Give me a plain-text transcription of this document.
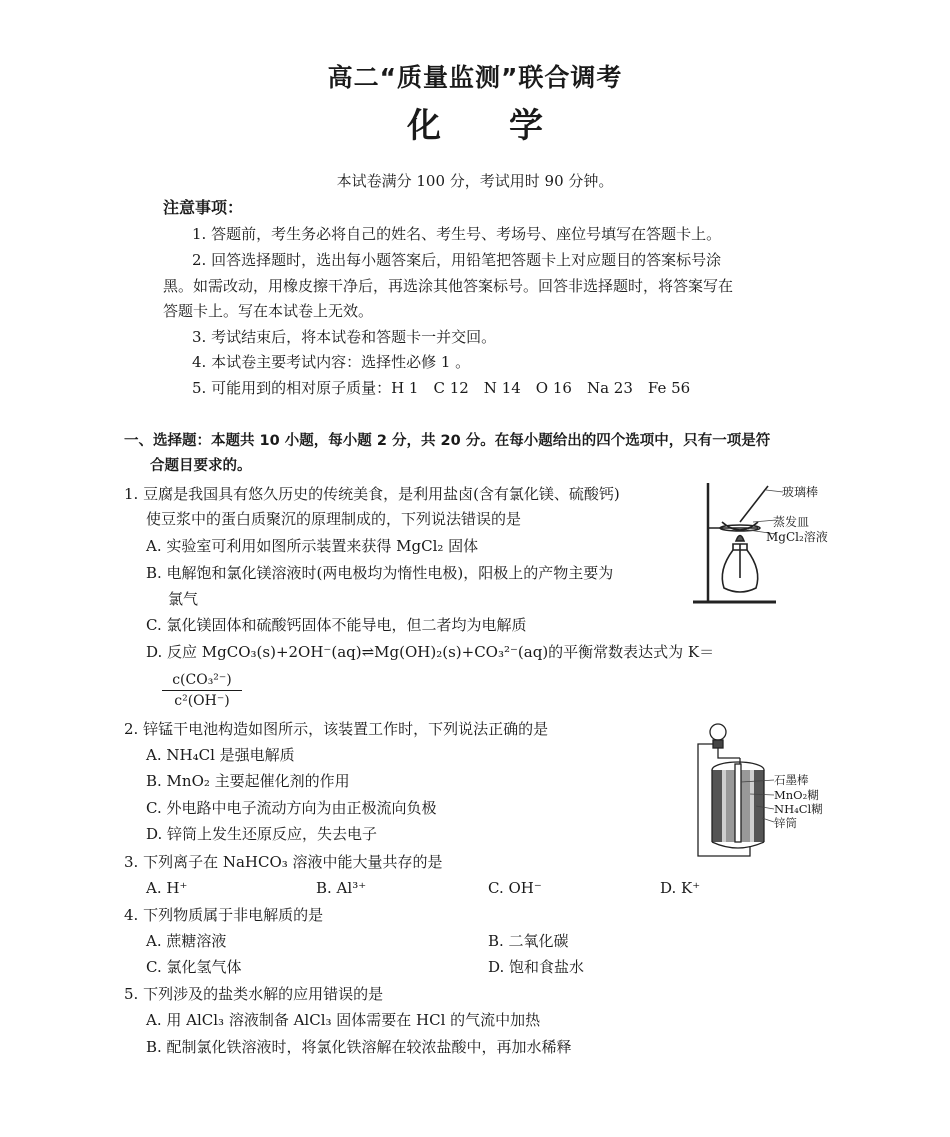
高二“质量监测”联合调考
化　　学
本试卷满分 100 分，考试用时 90 分钟。
注意事项：
1. 答题前，考生务必将自己的姓名、考生号、考场号、座位号填写在答题卡上。
2. 回答选择题时，选出每小题答案后，用铅笔把答题卡上对应题目的答案标号涂
黑。如需改动，用橡皮擦干净后，再选涂其他答案标号。回答非选择题时，将答案写在
答题卡上。写在本试卷上无效。
3. 考试结束后，将本试卷和答题卡一并交回。
4. 本试卷主要考试内容：选择性必修 1 。
5. 可能用到的相对原子质量：H 1　C 12　N 14　O 16　Na 23　Fe 56
一、选择题：本题共 10 小题，每小题 2 分，共 20 分。在每小题给出的四个选项中，只有一项是符
合题目要求的。
1. 豆腐是我国具有悠久历史的传统美食，是利用盐卤(含有氯化镁、硫酸钙)
使豆浆中的蛋白质聚沉的原理制成的，下列说法错误的是
A. 实验室可利用如图所示装置来获得 MgCl₂ 固体
B. 电解饱和氯化镁溶液时(两电极均为惰性电极)，阳极上的产物主要为
氯气
C. 氯化镁固体和硫酸钙固体不能导电，但二者均为电解质
D. 反应 MgCO₃(s)+2OH⁻(aq)⇌Mg(OH)₂(s)+CO₃²⁻(aq)的平衡常数表达式为 K＝
c(CO₃²⁻)
c²(OH⁻)
玻璃棒
蒸发皿
MgCl₂溶液
2. 锌锰干电池构造如图所示，该装置工作时，下列说法正确的是
A. NH₄Cl 是强电解质
B. MnO₂ 主要起催化剂的作用
C. 外电路中电子流动方向为由正极流向负极
D. 锌筒上发生还原反应，失去电子
石墨棒
MnO₂糊
NH₄Cl糊
锌筒
3. 下列离子在 NaHCO₃ 溶液中能大量共存的是
A. H⁺	B. Al³⁺	C. OH⁻	D. K⁺
4. 下列物质属于非电解质的是
A. 蔗糖溶液	B. 二氧化碳
C. 氯化氢气体	D. 饱和食盐水
5. 下列涉及的盐类水解的应用错误的是
A. 用 AlCl₃ 溶液制备 AlCl₃ 固体需要在 HCl 的气流中加热
B. 配制氯化铁溶液时，将氯化铁溶解在较浓盐酸中，再加水稀释
